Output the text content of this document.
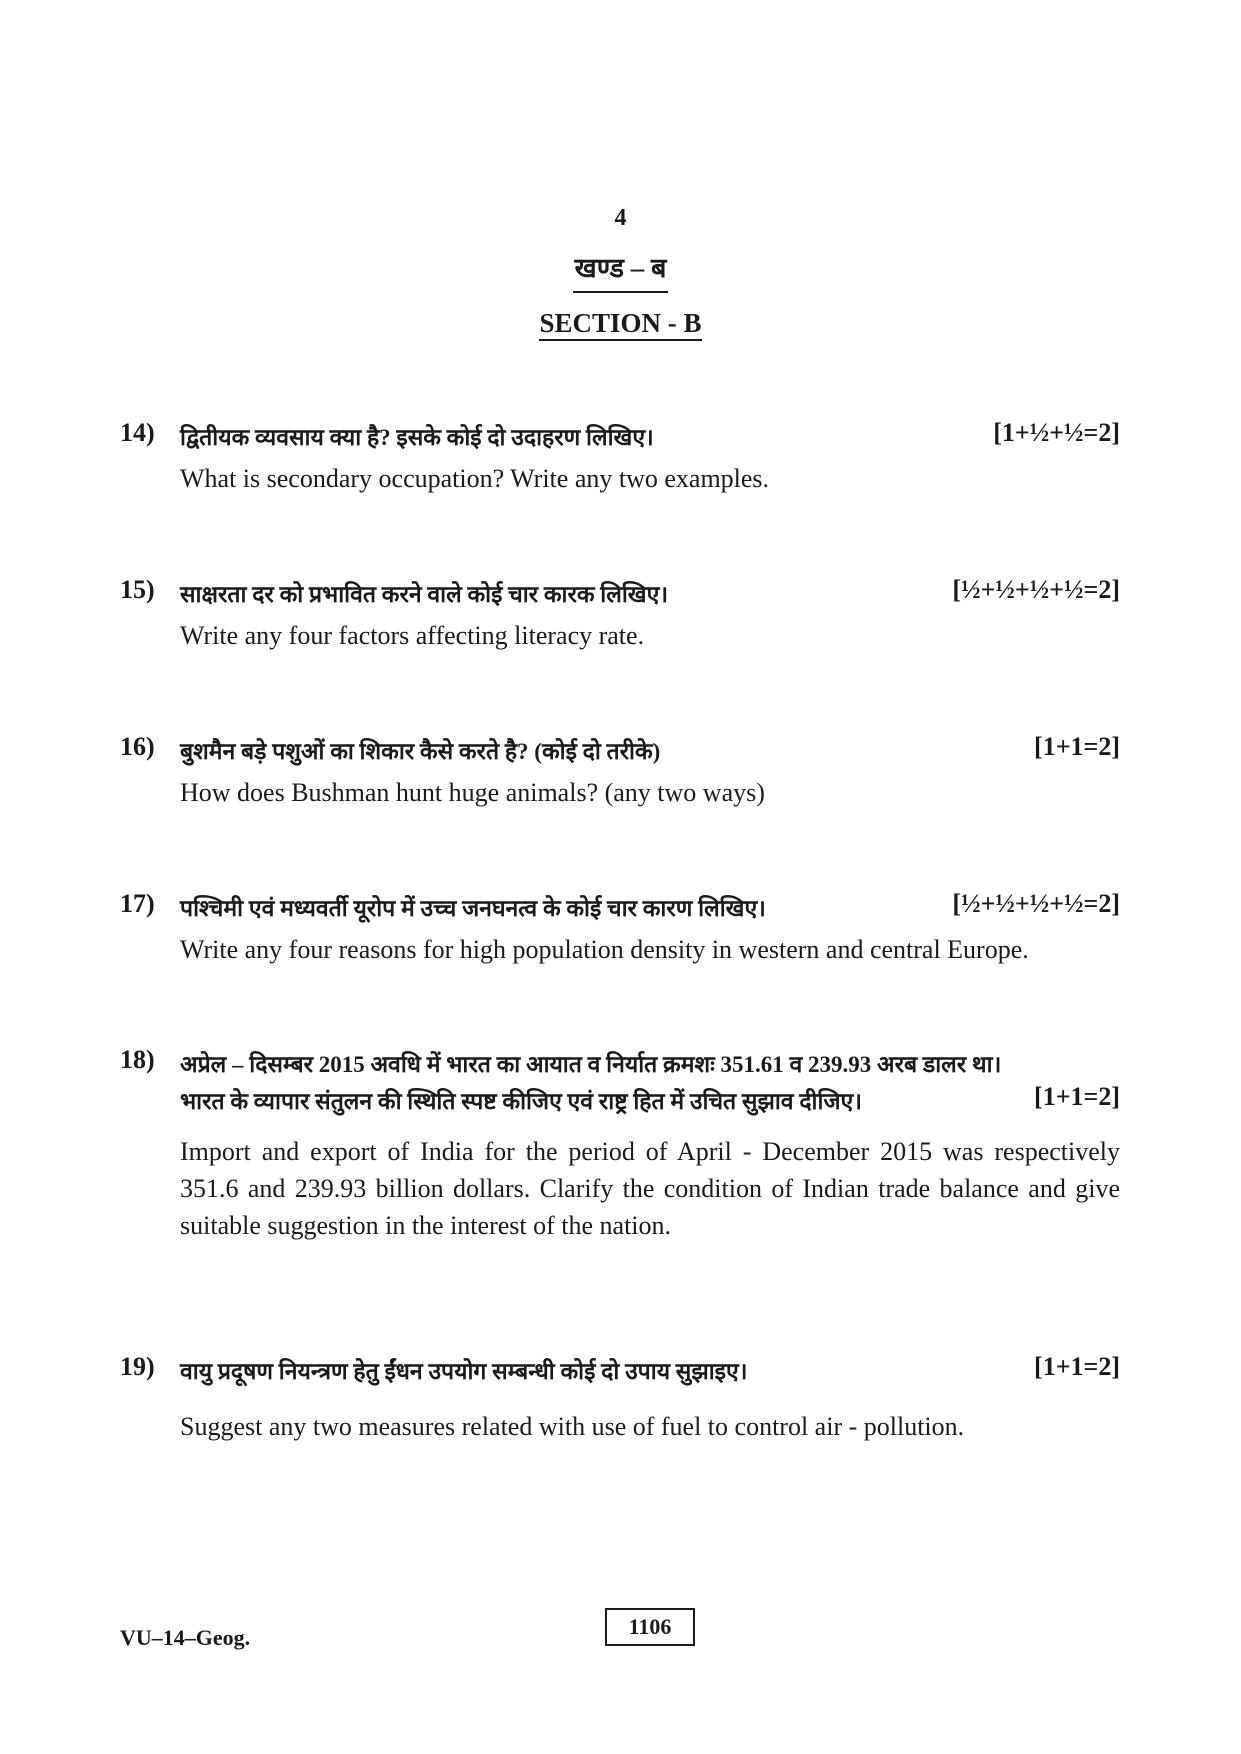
4
खण्ड – ब
SECTION - B
14) द्वितीयक व्यवसाय क्या है? इसके कोई दो उदाहरण लिखिए।	[1+½+½=2]
What is secondary occupation? Write any two examples.
15) साक्षरता दर को प्रभावित करने वाले कोई चार कारक लिखिए।	[½+½+½+½=2]
Write any four factors affecting literacy rate.
16) बुशमैन बड़े पशुओं का शिकार कैसे करते है? (कोई दो तरीके)	[1+1=2]
How does Bushman hunt huge animals? (any two ways)
17) पश्चिमी एवं मध्यवर्ती यूरोप में उच्च जनघनत्व के कोई चार कारण लिखिए।	[½+½+½+½=2]
Write any four reasons for high population density in western and central Europe.
18) अप्रेल – दिसम्बर 2015 अवधि में भारत का आयात व निर्यात क्रमशः 351.61 व 239.93 अरब डालर था।
भारत के व्यापार संतुलन की स्थिति स्पष्ट कीजिए एवं राष्ट्र हित में उचित सुझाव दीजिए।	[1+1=2]
Import and export of India for the period of April - December 2015 was respectively 351.6 and 239.93 billion dollars. Clarify the condition of Indian trade balance and give suitable suggestion in the interest of the nation.
19) वायु प्रदूषण नियन्त्रण हेतु ईंधन उपयोग सम्बन्धी कोई दो उपाय सुझाइए।	[1+1=2]
Suggest any two measures related with use of fuel to control air - pollution.
VU–14–Geog.	1106
